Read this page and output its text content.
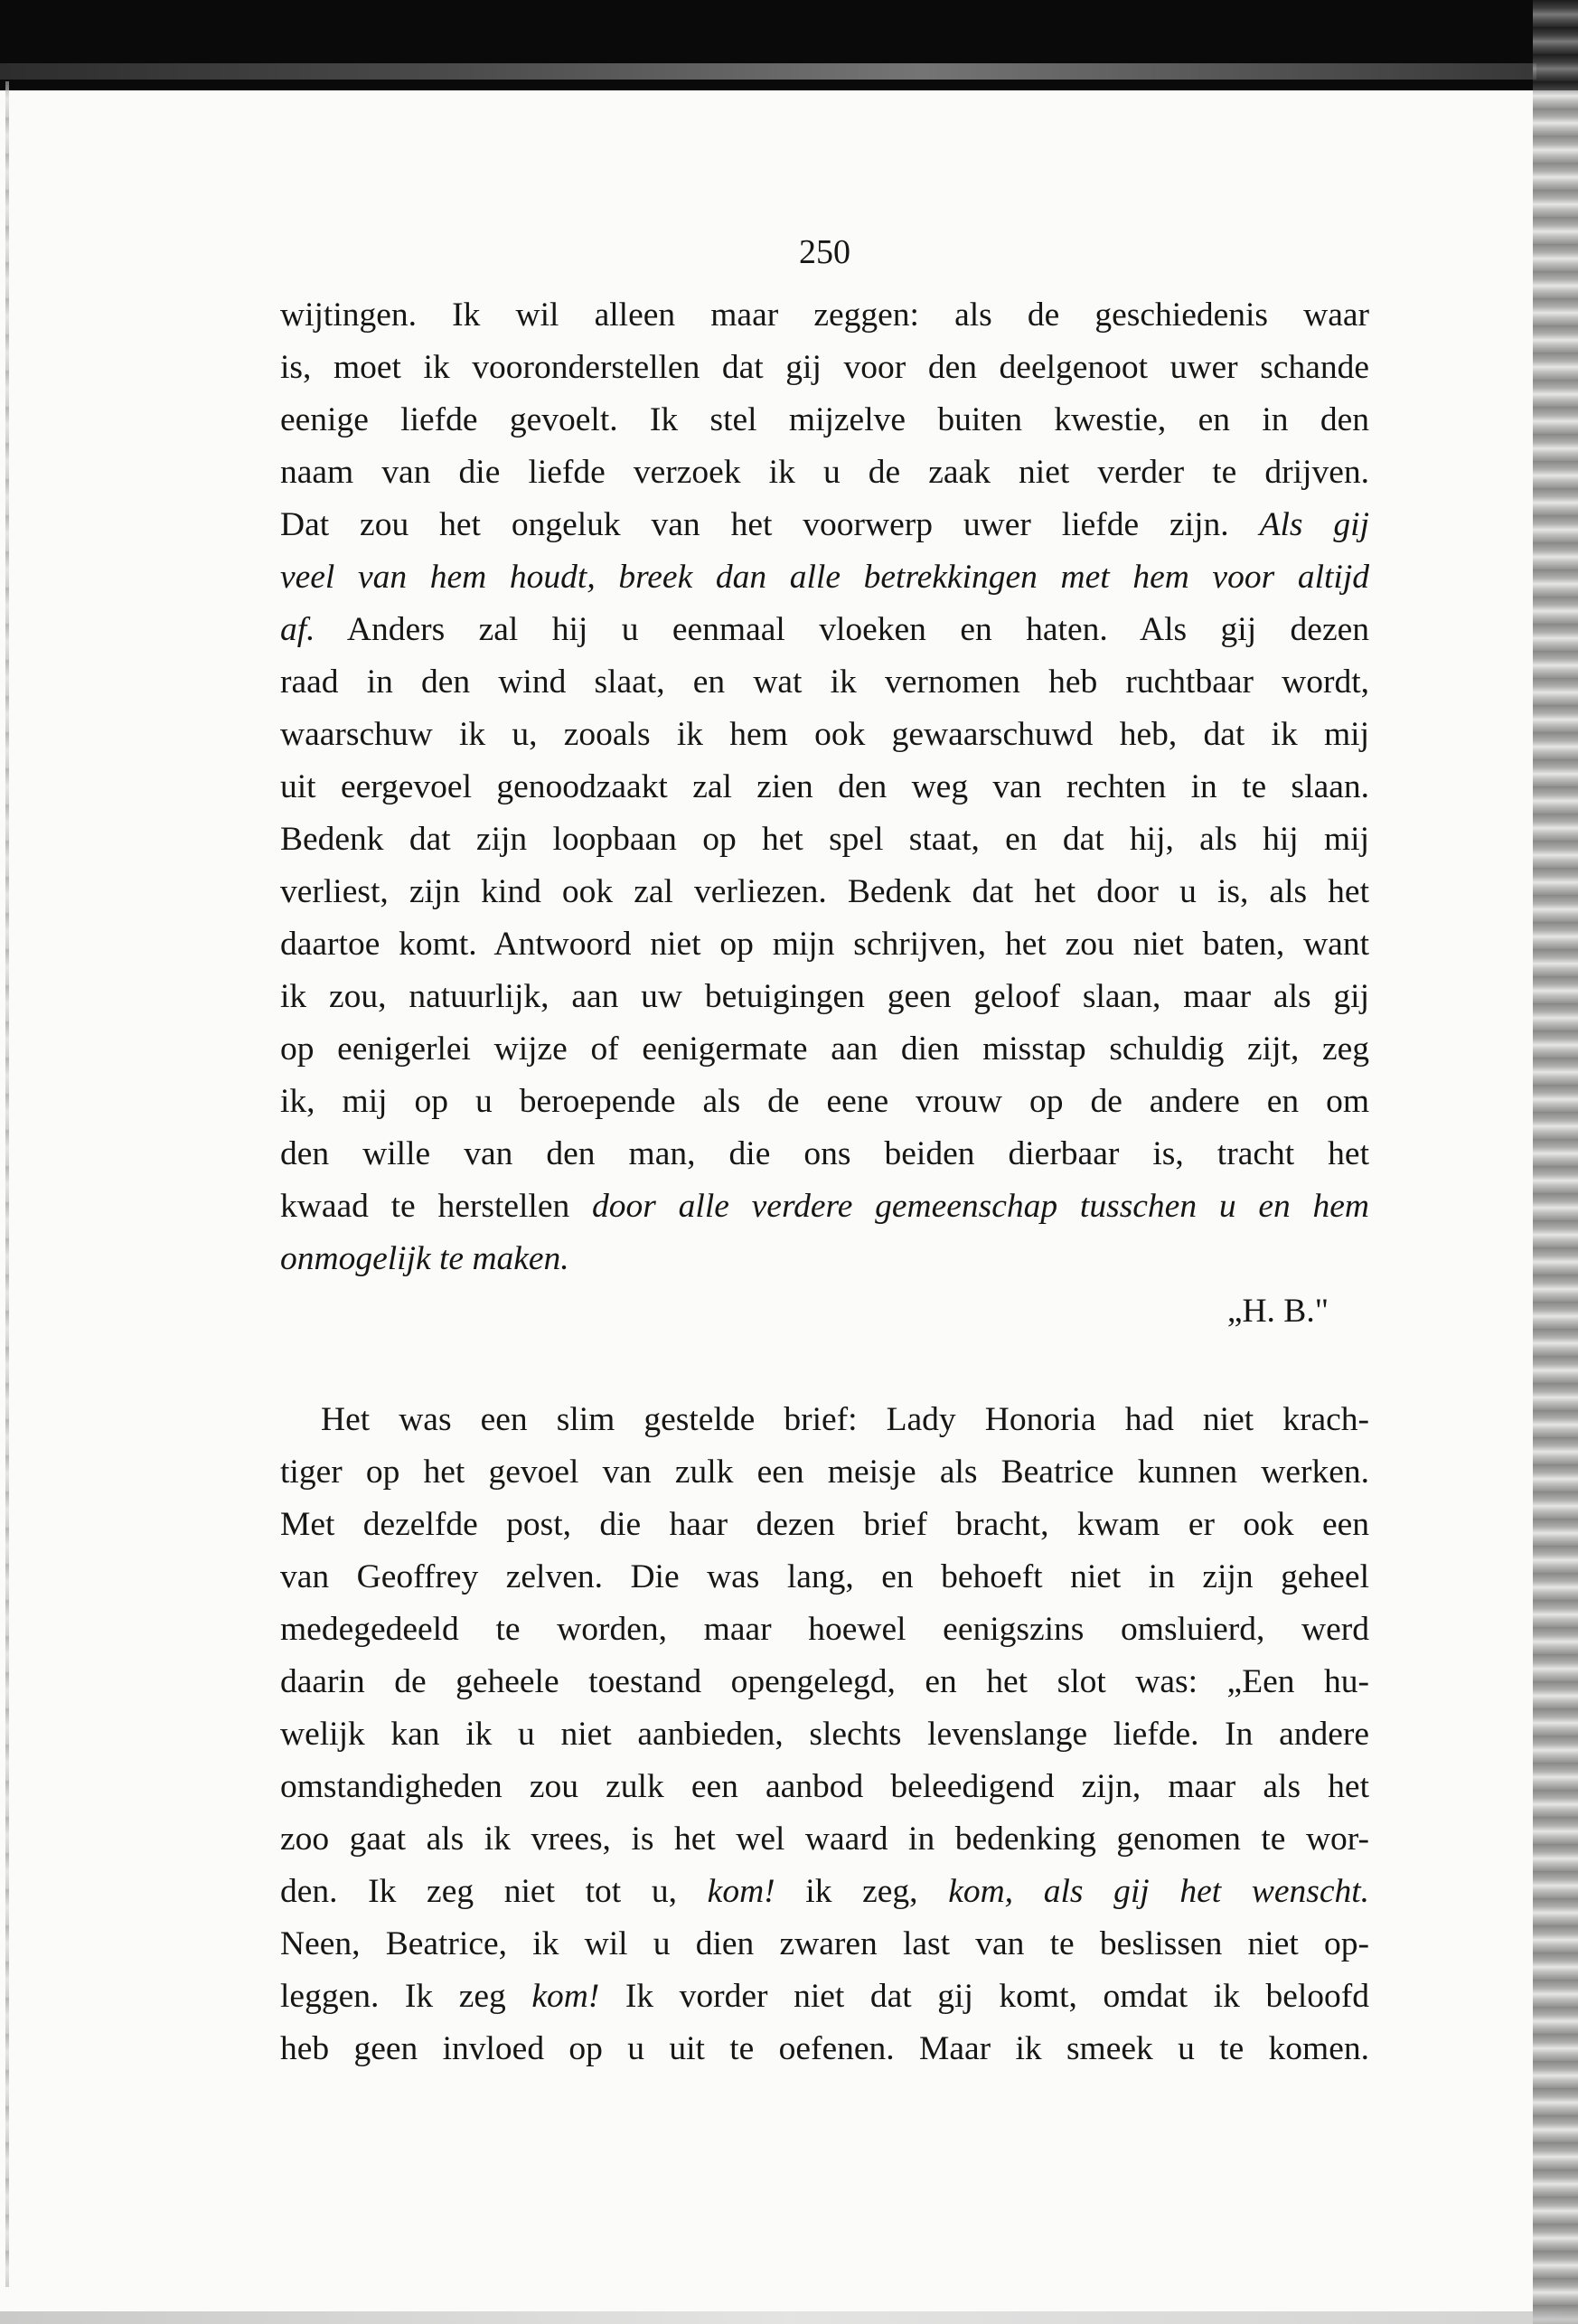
250
wijtingen. Ik wil alleen maar zeggen: als de geschiedenis waar
is, moet ik vooronderstellen dat gij voor den deelgenoot uwer schande
eenige liefde gevoelt. Ik stel mijzelve buiten kwestie, en in den
naam van die liefde verzoek ik u de zaak niet verder te drijven.
Dat zou het ongeluk van het voorwerp uwer liefde zijn. Als gij
veel van hem houdt, breek dan alle betrekkingen met hem voor altijd
af. Anders zal hij u eenmaal vloeken en haten. Als gij dezen
raad in den wind slaat, en wat ik vernomen heb ruchtbaar wordt,
waarschuw ik u, zooals ik hem ook gewaarschuwd heb, dat ik mij
uit eergevoel genoodzaakt zal zien den weg van rechten in te slaan.
Bedenk dat zijn loopbaan op het spel staat, en dat hij, als hij mij
verliest, zijn kind ook zal verliezen. Bedenk dat het door u is, als het
daartoe komt. Antwoord niet op mijn schrijven, het zou niet baten, want
ik zou, natuurlijk, aan uw betuigingen geen geloof slaan, maar als gij
op eenigerlei wijze of eenigermate aan dien misstap schuldig zijt, zeg
ik, mij op u beroepende als de eene vrouw op de andere en om
den wille van den man, die ons beiden dierbaar is, tracht het
kwaad te herstellen door alle verdere gemeenschap tusschen u en hem
onmogelijk te maken.
„H. B."
Het was een slim gestelde brief: Lady Honoria had niet krach-
tiger op het gevoel van zulk een meisje als Beatrice kunnen werken.
Met dezelfde post, die haar dezen brief bracht, kwam er ook een
van Geoffrey zelven. Die was lang, en behoeft niet in zijn geheel
medegedeeld te worden, maar hoewel eenigszins omsluierd, werd
daarin de geheele toestand opengelegd, en het slot was: „Een hu-
welijk kan ik u niet aanbieden, slechts levenslange liefde. In andere
omstandigheden zou zulk een aanbod beleedigend zijn, maar als het
zoo gaat als ik vrees, is het wel waard in bedenking genomen te wor-
den. Ik zeg niet tot u, kom! ik zeg, kom, als gij het wenscht.
Neen, Beatrice, ik wil u dien zwaren last van te beslissen niet op-
leggen. Ik zeg kom! Ik vorder niet dat gij komt, omdat ik beloofd
heb geen invloed op u uit te oefenen. Maar ik smeek u te komen.
